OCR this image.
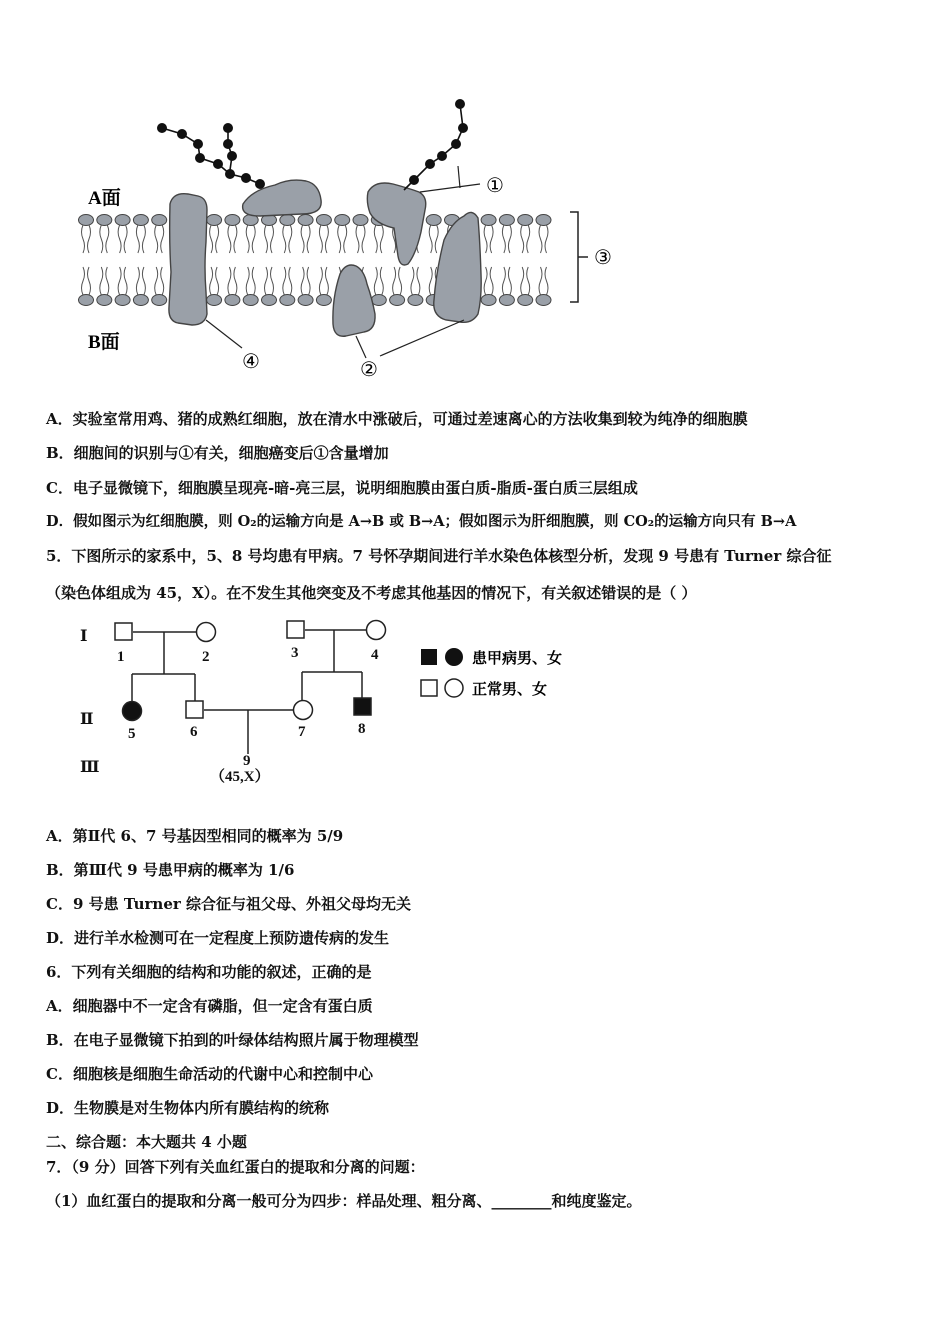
A面
B面
①
②
③
④
A．实验室常用鸡、猪的成熟红细胞，放在清水中涨破后，可通过差速离心的方法收集到较为纯净的细胞膜
B．细胞间的识别与①有关，细胞癌变后①含量增加
C．电子显微镜下，细胞膜呈现亮-暗-亮三层，说明细胞膜由蛋白质-脂质-蛋白质三层组成
D．假如图示为红细胞膜，则 O₂的运输方向是 A→B 或 B→A；假如图示为肝细胞膜，则 CO₂的运输方向只有 B→A
5．下图所示的家系中，5、8 号均患有甲病。7 号怀孕期间进行羊水染色体核型分析，发现 9 号患有 Turner 综合征
（染色体组成为 45，X）。在不发生其他突变及不考虑其他基因的情况下，有关叙述错误的是（ ）
Ⅰ
Ⅱ
Ⅲ
1	2	3	4
5	6	7	8
9
（45,X）
患甲病男、女
正常男、女
A．第Ⅱ代 6、7 号基因型相同的概率为 5/9
B．第Ⅲ代 9 号患甲病的概率为 1/6
C．9 号患 Turner 综合征与祖父母、外祖父母均无关
D．进行羊水检测可在一定程度上预防遗传病的发生
6．下列有关细胞的结构和功能的叙述，正确的是
A．细胞器中不一定含有磷脂，但一定含有蛋白质
B．在电子显微镜下拍到的叶绿体结构照片属于物理模型
C．细胞核是细胞生命活动的代谢中心和控制中心
D．生物膜是对生物体内所有膜结构的统称
二、综合题：本大题共 4 小题
7．（9 分）回答下列有关血红蛋白的提取和分离的问题：
（1）血红蛋白的提取和分离一般可分为四步：样品处理、粗分离、________和纯度鉴定。
